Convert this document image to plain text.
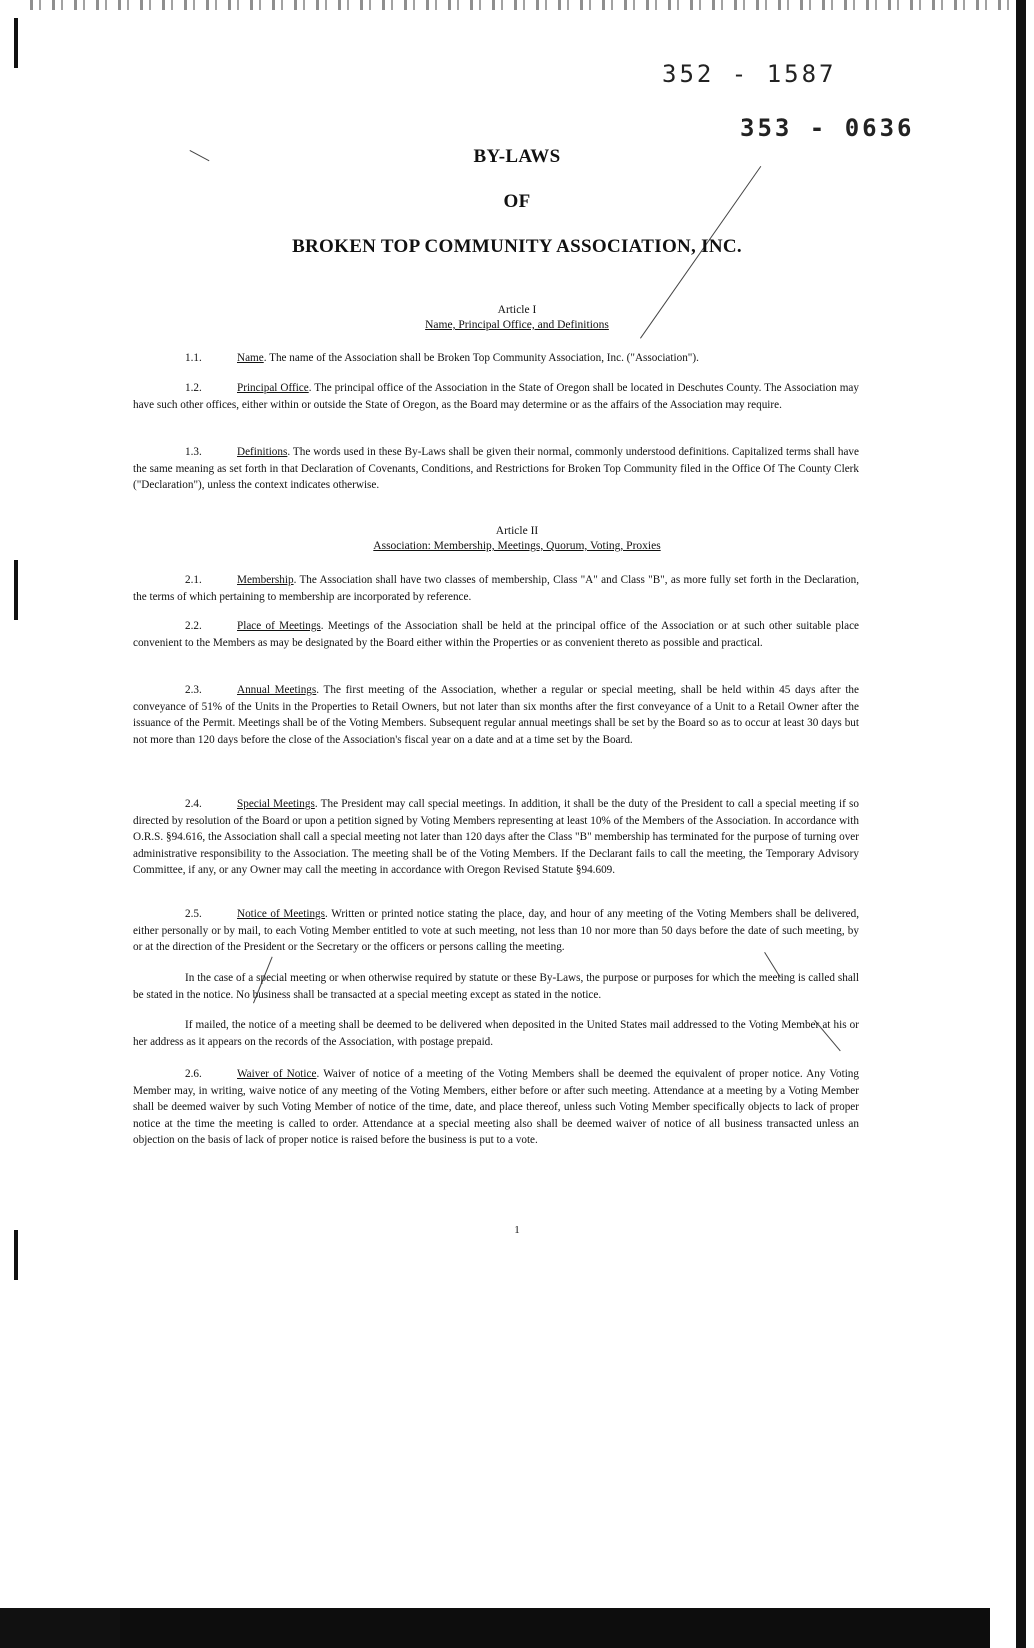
352 - 1587
353 - 0636
BY-LAWS
OF
BROKEN TOP COMMUNITY ASSOCIATION, INC.
Article I
Name, Principal Office, and Definitions

1.1.	Name. The name of the Association shall be Broken Top Community Association, Inc. ("Association").

1.2.	Principal Office. The principal office of the Association in the State of Oregon shall be located in Deschutes County. The Association may have such other offices, either within or outside the State of Oregon, as the Board may determine or as the affairs of the Association may require.

1.3.	Definitions. The words used in these By-Laws shall be given their normal, commonly understood definitions. Capitalized terms shall have the same meaning as set forth in that Declaration of Covenants, Conditions, and Restrictions for Broken Top Community filed in the Office Of The County Clerk ("Declaration"), unless the context indicates otherwise.

Article II
Association: Membership, Meetings, Quorum, Voting, Proxies

2.1.	Membership. The Association shall have two classes of membership, Class "A" and Class "B", as more fully set forth in the Declaration, the terms of which pertaining to membership are incorporated by reference.

2.2.	Place of Meetings. Meetings of the Association shall be held at the principal office of the Association or at such other suitable place convenient to the Members as may be designated by the Board either within the Properties or as convenient thereto as possible and practical.

2.3.	Annual Meetings. The first meeting of the Association, whether a regular or special meeting, shall be held within 45 days after the conveyance of 51% of the Units in the Properties to Retail Owners, but not later than six months after the first conveyance of a Unit to a Retail Owner after the issuance of the Permit. Meetings shall be of the Voting Members. Subsequent regular annual meetings shall be set by the Board so as to occur at least 30 days but not more than 120 days before the close of the Association's fiscal year on a date and at a time set by the Board.

2.4.	Special Meetings. The President may call special meetings. In addition, it shall be the duty of the President to call a special meeting if so directed by resolution of the Board or upon a petition signed by Voting Members representing at least 10% of the Members of the Association. In accordance with O.R.S. §94.616, the Association shall call a special meeting not later than 120 days after the Class "B" membership has terminated for the purpose of turning over administrative responsibility to the Association. The meeting shall be of the Voting Members. If the Declarant fails to call the meeting, the Temporary Advisory Committee, if any, or any Owner may call the meeting in accordance with Oregon Revised Statute §94.609.

2.5.	Notice of Meetings. Written or printed notice stating the place, day, and hour of any meeting of the Voting Members shall be delivered, either personally or by mail, to each Voting Member entitled to vote at such meeting, not less than 10 nor more than 50 days before the date of such meeting, by or at the direction of the President or the Secretary or the officers or persons calling the meeting.

In the case of a special meeting or when otherwise required by statute or these By-Laws, the purpose or purposes for which the meeting is called shall be stated in the notice. No business shall be transacted at a special meeting except as stated in the notice.

If mailed, the notice of a meeting shall be deemed to be delivered when deposited in the United States mail addressed to the Voting Member at his or her address as it appears on the records of the Association, with postage prepaid.

2.6.	Waiver of Notice. Waiver of notice of a meeting of the Voting Members shall be deemed the equivalent of proper notice. Any Voting Member may, in writing, waive notice of any meeting of the Voting Members, either before or after such meeting. Attendance at a meeting by a Voting Member shall be deemed waiver by such Voting Member of notice of the time, date, and place thereof, unless such Voting Member specifically objects to lack of proper notice at the time the meeting is called to order. Attendance at a special meeting also shall be deemed waiver of notice of all business transacted unless an objection on the basis of lack of proper notice is raised before the business is put to a vote.

1
